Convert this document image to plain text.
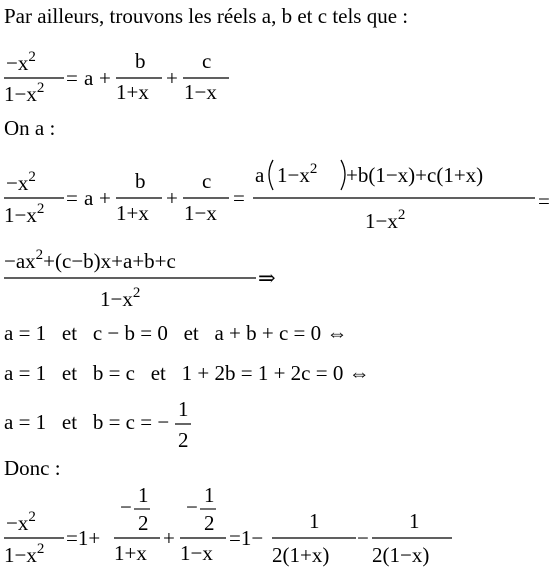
Par ailleurs, trouvons les réels a, b et c tels que :
On a :
Donc :
$-x^2$
$1-x^2 = a$ +
b
1+x
+
c
1−x
$-x^2$
$1-x^2 = a$ +
b
1+x
+
c
1−x
=
a $1-x^2 +b(1-x)+c(1+x)$
$1-x^2$
=
$-ax^2+(c-b)x+a+b+c$
$1-x^2$
⇒
a = 1   et   c − b = 0   et   a + b + c = 0 ⇔
a = 1   et   b = c   et   1 + 2b = 1 + 2c = 0 ⇔
a = 1   et   b = c = −
1
2
$-x^2$
$1-x^2 =1+$
− 1
2
1+x
+
− 1
2
1−x
=1−
1
2(1+x)
−
1
2(1−x)
